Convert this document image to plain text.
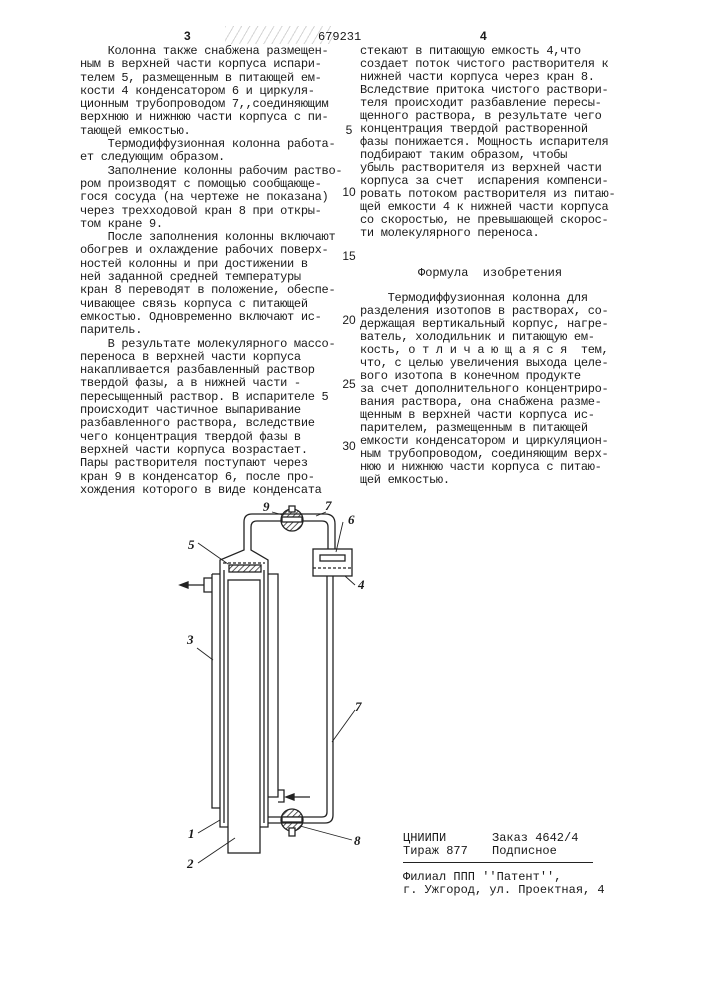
3	679231	4
Колонна также снабжена размещен-
ным в верхней части корпуса испари-
телем 5, размещенным в питающей ем-
кости 4 конденсатором 6 и циркуля-
ционным трубопроводом 7,,соединяющим
верхнюю и нижнюю части корпуса с пи-
тающей емкостью.
Термодиффузионная колонна работа-
ет следующим образом.
Заполнение колонны рабочим раство-
ром производят с помощью сообщающе-
гося сосуда (на чертеже не показана)
через трехходовой кран 8 при откры-
том кране 9.
После заполнения колонны включают
обогрев и охлаждение рабочих поверх-
ностей колонны и при достижении в
ней заданной средней температуры
кран 8 переводят в положение, обеспе-
чивающее связь корпуса с питающей
емкостью. Одновременно включают ис-
паритель.
В результате молекулярного массо-
переноса в верхней части корпуса
накапливается разбавленный раствор
твердой фазы, а в нижней части -
пересыщенный раствор. В испарителе 5
происходит частичное выпаривание
разбавленного раствора, вследствие
чего концентрация твердой фазы в
верхней части корпуса возрастает.
Пары растворителя поступают через
кран 9 в конденсатор 6, после про-
хождения которого в виде конденсата
стекают в питающую емкость 4,что
создает поток чистого растворителя к
нижней части корпуса через кран 8.
Вследствие притока чистого раствори-
теля происходит разбавление пересы-
щенного раствора, в результате чего
концентрация твердой растворенной
фазы понижается. Мощность испарителя
подбирают таким образом, чтобы
убыль растворителя из верхней части
корпуса за счет  испарения компенси-
ровать потоком растворителя из питаю-
щей емкости 4 к нижней части корпуса
со скоростью, не превышающей скорос-
ти молекулярного переноса.
Формула  изобретения
Термодиффузионная колонна для
разделения изотопов в растворах, со-
держащая вертикальный корпус, нагре-
ватель, холодильник и питающую ем-
кость, о т л и ч а ю щ а я с я  тем,
что, с целью увеличения выхода целе-
вого изотопа в конечном продукте
за счет дополнительного концентриро-
вания раствора, она снабжена разме-
щенным в верхней части корпуса ис-
парителем, размещенным в питающей
емкости конденсатором и циркуляцион-
ным трубопроводом, соединяющим верх-
нюю и нижнюю части корпуса с питаю-
щей емкостью.
5
10
15
20
25
30
9	7
6
5
4
3
7
1
2
8	ЦНИИПИ	Заказ 4642/4
Тираж 877 Подписное
Филиал ППП ''Патент'',
г. Ужгород, ул. Проектная, 4
